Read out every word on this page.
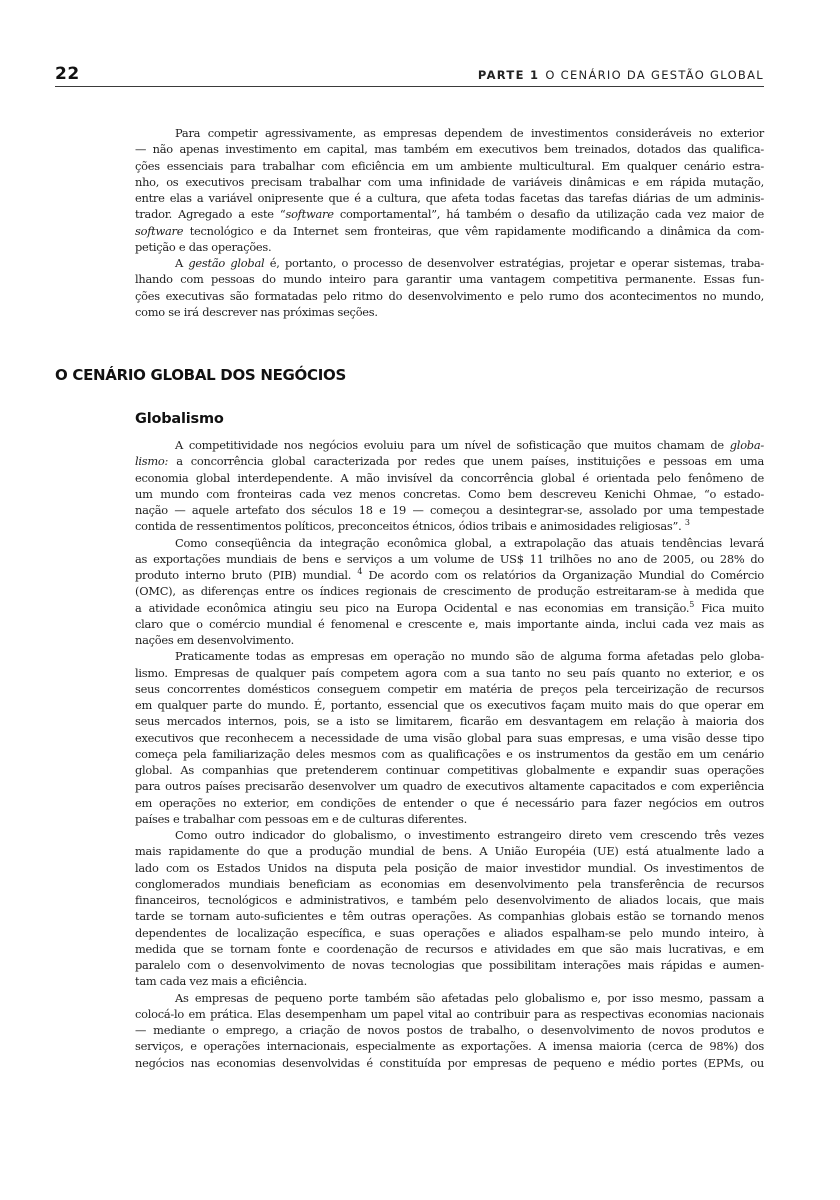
22	PARTE 1 O CENÁRIO DA GESTÃO GLOBAL
Para competir agressivamente, as empresas dependem de investimentos consideráveis no exterior
— não apenas investimento em capital, mas também em executivos bem treinados, dotados das qualifica-
ções essenciais para trabalhar com eficiência em um ambiente multicultural. Em qualquer cenário estra-
nho, os executivos precisam trabalhar com uma infinidade de variáveis dinâmicas e em rápida mutação,
entre elas a variável onipresente que é a cultura, que afeta todas facetas das tarefas diárias de um adminis-
trador. Agregado a este “software comportamental”, há também o desafio da utilização cada vez maior de
software tecnológico e da Internet sem fronteiras, que vêm rapidamente modificando a dinâmica da com-
petição e das operações.
A gestão global é, portanto, o processo de desenvolver estratégias, projetar e operar sistemas, traba-
lhando com pessoas do mundo inteiro para garantir uma vantagem competitiva permanente. Essas fun-
ções executivas são formatadas pelo ritmo do desenvolvimento e pelo rumo dos acontecimentos no mundo,
como se irá descrever nas próximas seções.
O CENÁRIO GLOBAL DOS NEGÓCIOS
Globalismo
A competitividade nos negócios evoluiu para um nível de sofisticação que muitos chamam de globa-
lismo: a concorrência global caracterizada por redes que unem países, instituições e pessoas em uma
economia global interdependente. A mão invisível da concorrência global é orientada pelo fenômeno de
um mundo com fronteiras cada vez menos concretas. Como bem descreveu Kenichi Ohmae, “o estado-
nação — aquele artefato dos séculos 18 e 19 — começou a desintegrar-se, assolado por uma tempestade
contida de ressentimentos políticos, preconceitos étnicos, ódios tribais e animosidades religiosas”. $^3$
Como conseqüência da integração econômica global, a extrapolação das atuais tendências levará
as exportações mundiais de bens e serviços a um volume de US$ 11 trilhões no ano de 2005, ou 28% do
produto interno bruto (PIB) mundial. $^4$ De acordo com os relatórios da Organização Mundial do Comércio
(OMC), as diferenças entre os índices regionais de crescimento de produção estreitaram-se à medida que
a atividade econômica atingiu seu pico na Europa Ocidental e nas economias em transição.$^5$ Fica muito
claro que o comércio mundial é fenomenal e crescente e, mais importante ainda, inclui cada vez mais as
nações em desenvolvimento.
Praticamente todas as empresas em operação no mundo são de alguma forma afetadas pelo globa-
lismo. Empresas de qualquer país competem agora com a sua tanto no seu país quanto no exterior, e os
seus concorrentes domésticos conseguem competir em matéria de preços pela terceirização de recursos
em qualquer parte do mundo. É, portanto, essencial que os executivos façam muito mais do que operar em
seus mercados internos, pois, se a isto se limitarem, ficarão em desvantagem em relação à maioria dos
executivos que reconhecem a necessidade de uma visão global para suas empresas, e uma visão desse tipo
começa pela familiarização deles mesmos com as qualificações e os instrumentos da gestão em um cenário
global. As companhias que pretenderem continuar competitivas globalmente e expandir suas operações
para outros países precisarão desenvolver um quadro de executivos altamente capacitados e com experiência
em operações no exterior, em condições de entender o que é necessário para fazer negócios em outros
países e trabalhar com pessoas em e de culturas diferentes.
Como outro indicador do globalismo, o investimento estrangeiro direto vem crescendo três vezes
mais rapidamente do que a produção mundial de bens. A União Européia (UE) está atualmente lado a
lado com os Estados Unidos na disputa pela posição de maior investidor mundial. Os investimentos de
conglomerados mundiais beneficiam as economias em desenvolvimento pela transferência de recursos
financeiros, tecnológicos e administrativos, e também pelo desenvolvimento de aliados locais, que mais
tarde se tornam auto-suficientes e têm outras operações. As companhias globais estão se tornando menos
dependentes de localização específica, e suas operações e aliados espalham-se pelo mundo inteiro, à
medida que se tornam fonte e coordenação de recursos e atividades em que são mais lucrativas, e em
paralelo com o desenvolvimento de novas tecnologias que possibilitam interações mais rápidas e aumen-
tam cada vez mais a eficiência.
As empresas de pequeno porte também são afetadas pelo globalismo e, por isso mesmo, passam a
colocá-lo em prática. Elas desempenham um papel vital ao contribuir para as respectivas economias nacionais
— mediante o emprego, a criação de novos postos de trabalho, o desenvolvimento de novos produtos e
serviços, e operações internacionais, especialmente as exportações. A imensa maioria (cerca de 98%) dos
negócios nas economias desenvolvidas é constituída por empresas de pequeno e médio portes (EPMs, ou
